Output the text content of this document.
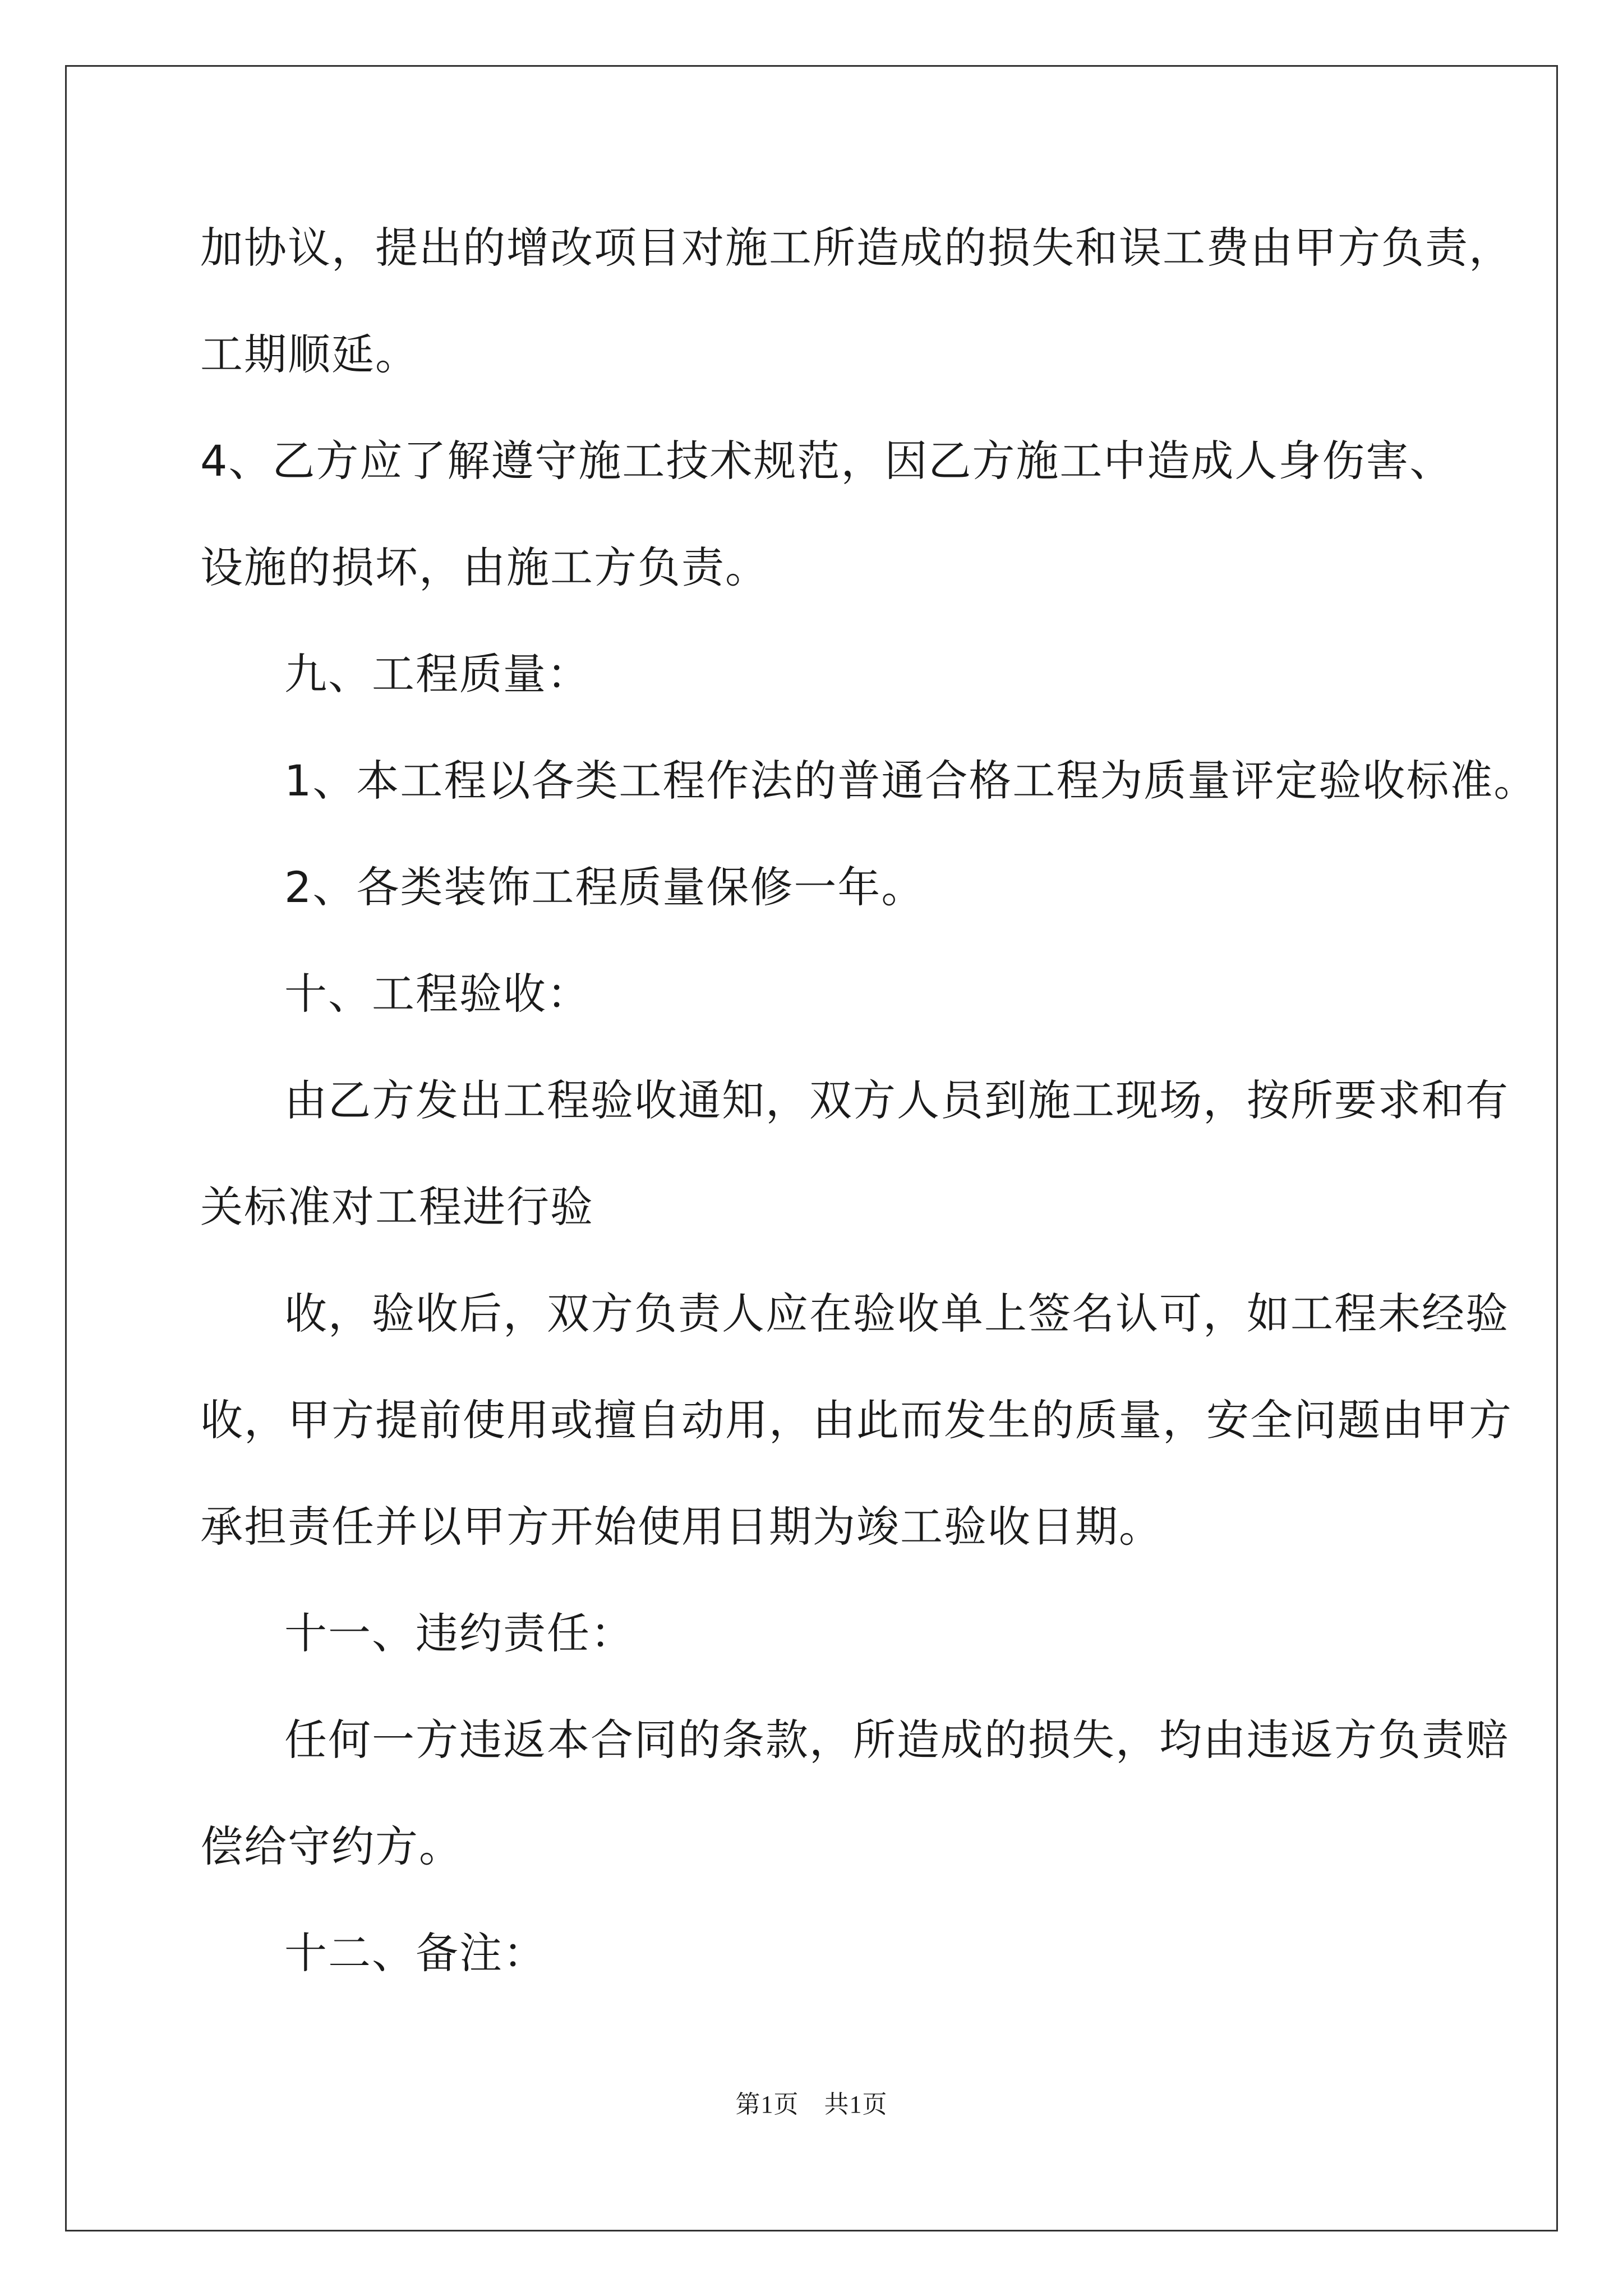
加协议，提出的增改项目对施工所造成的损失和误工费由甲方负责，

工期顺延。

4、乙方应了解遵守施工技术规范，因乙方施工中造成人身伤害、

设施的损坏，由施工方负责。

九、工程质量：

1、本工程以各类工程作法的普通合格工程为质量评定验收标准。

2、各类装饰工程质量保修一年。

十、工程验收：

由乙方发出工程验收通知，双方人员到施工现场，按所要求和有

关标准对工程进行验

收，验收后，双方负责人应在验收单上签名认可，如工程未经验

收，甲方提前使用或擅自动用，由此而发生的质量，安全问题由甲方

承担责任并以甲方开始使用日期为竣工验收日期。

十一、违约责任：

任何一方违返本合同的条款，所造成的损失，均由违返方负责赔

偿给守约方。

十二、备注：

第1页　共1页
